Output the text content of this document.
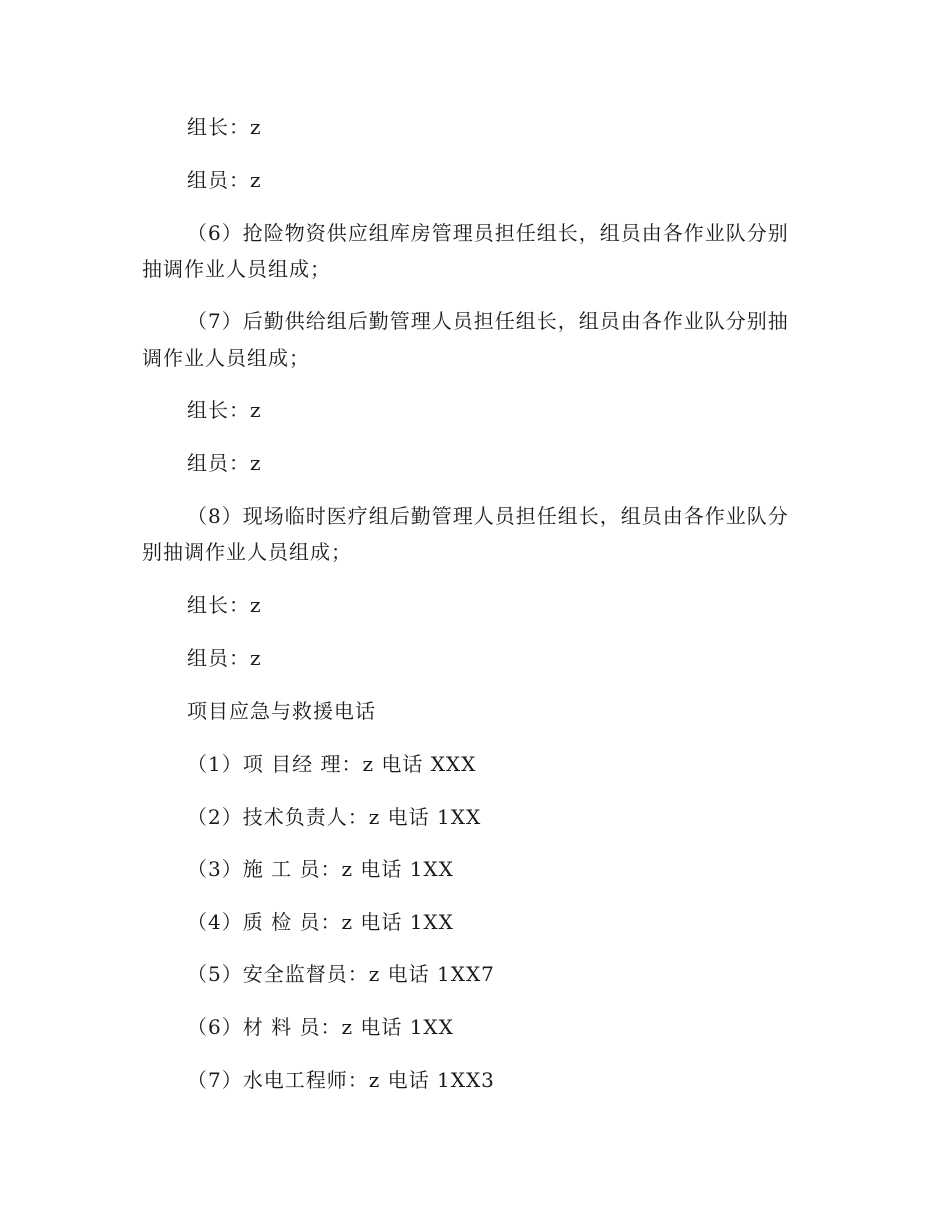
组长：z
组员：z
（6）抢险物资供应组库房管理员担任组长，组员由各作业队分别
抽调作业人员组成；
（7）后勤供给组后勤管理人员担任组长，组员由各作业队分别抽
调作业人员组成；
组长：z
组员：z
（8）现场临时医疗组后勤管理人员担任组长，组员由各作业队分
别抽调作业人员组成；
组长：z
组员：z
项目应急与救援电话
（1）项 目经 理：z 电话 XXX
（2）技术负责人：z 电话 1XX
（3）施 工 员：z 电话 1XX
（4）质 检 员：z 电话 1XX
（5）安全监督员：z 电话 1XX7
（6）材 料 员：z 电话 1XX
（7）水电工程师：z 电话 1XX3
